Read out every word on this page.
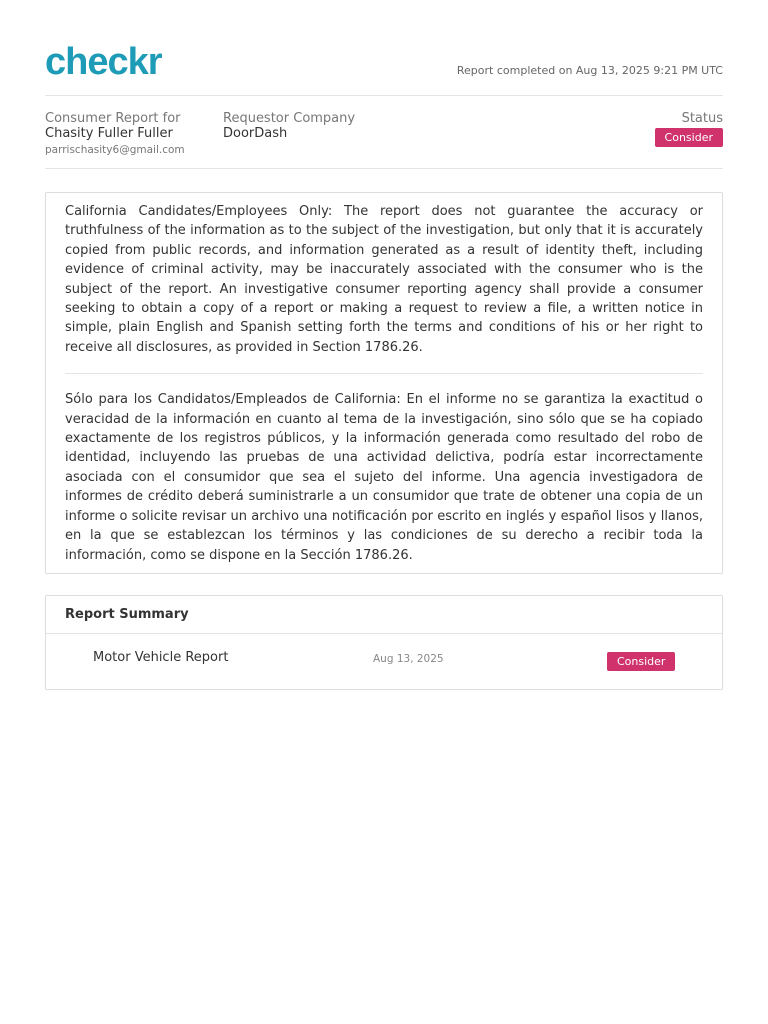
checkr	Report completed on Aug 13, 2025 9:21 PM UTC
Consumer Report for
Chasity Fuller Fuller
parrischasity6@gmail.com
Requestor Company
DoorDash
Status
Consider

California Candidates/Employees Only: The report does not guarantee the accuracy or truthfulness of the information as to the subject of the investigation, but only that it is accurately copied from public records, and information generated as a result of identity theft, including evidence of criminal activity, may be inaccurately associated with the consumer who is the subject of the report. An investigative consumer reporting agency shall provide a consumer seeking to obtain a copy of a report or making a request to review a file, a written notice in simple, plain English and Spanish setting forth the terms and conditions of his or her right to receive all disclosures, as provided in Section 1786.26.

Sólo para los Candidatos/Empleados de California: En el informe no se garantiza la exactitud o veracidad de la información en cuanto al tema de la investigación, sino sólo que se ha copiado exactamente de los registros públicos, y la información generada como resultado del robo de identidad, incluyendo las pruebas de una actividad delictiva, podría estar incorrectamente asociada con el consumidor que sea el sujeto del informe. Una agencia investigadora de informes de crédito deberá suministrarle a un consumidor que trate de obtener una copia de un informe o solicite revisar un archivo una notificación por escrito en inglés y español lisos y llanos, en la que se establezcan los términos y las condiciones de su derecho a recibir toda la información, como se dispone en la Sección 1786.26.

Report Summary
Motor Vehicle Report	Aug 13, 2025	Consider
